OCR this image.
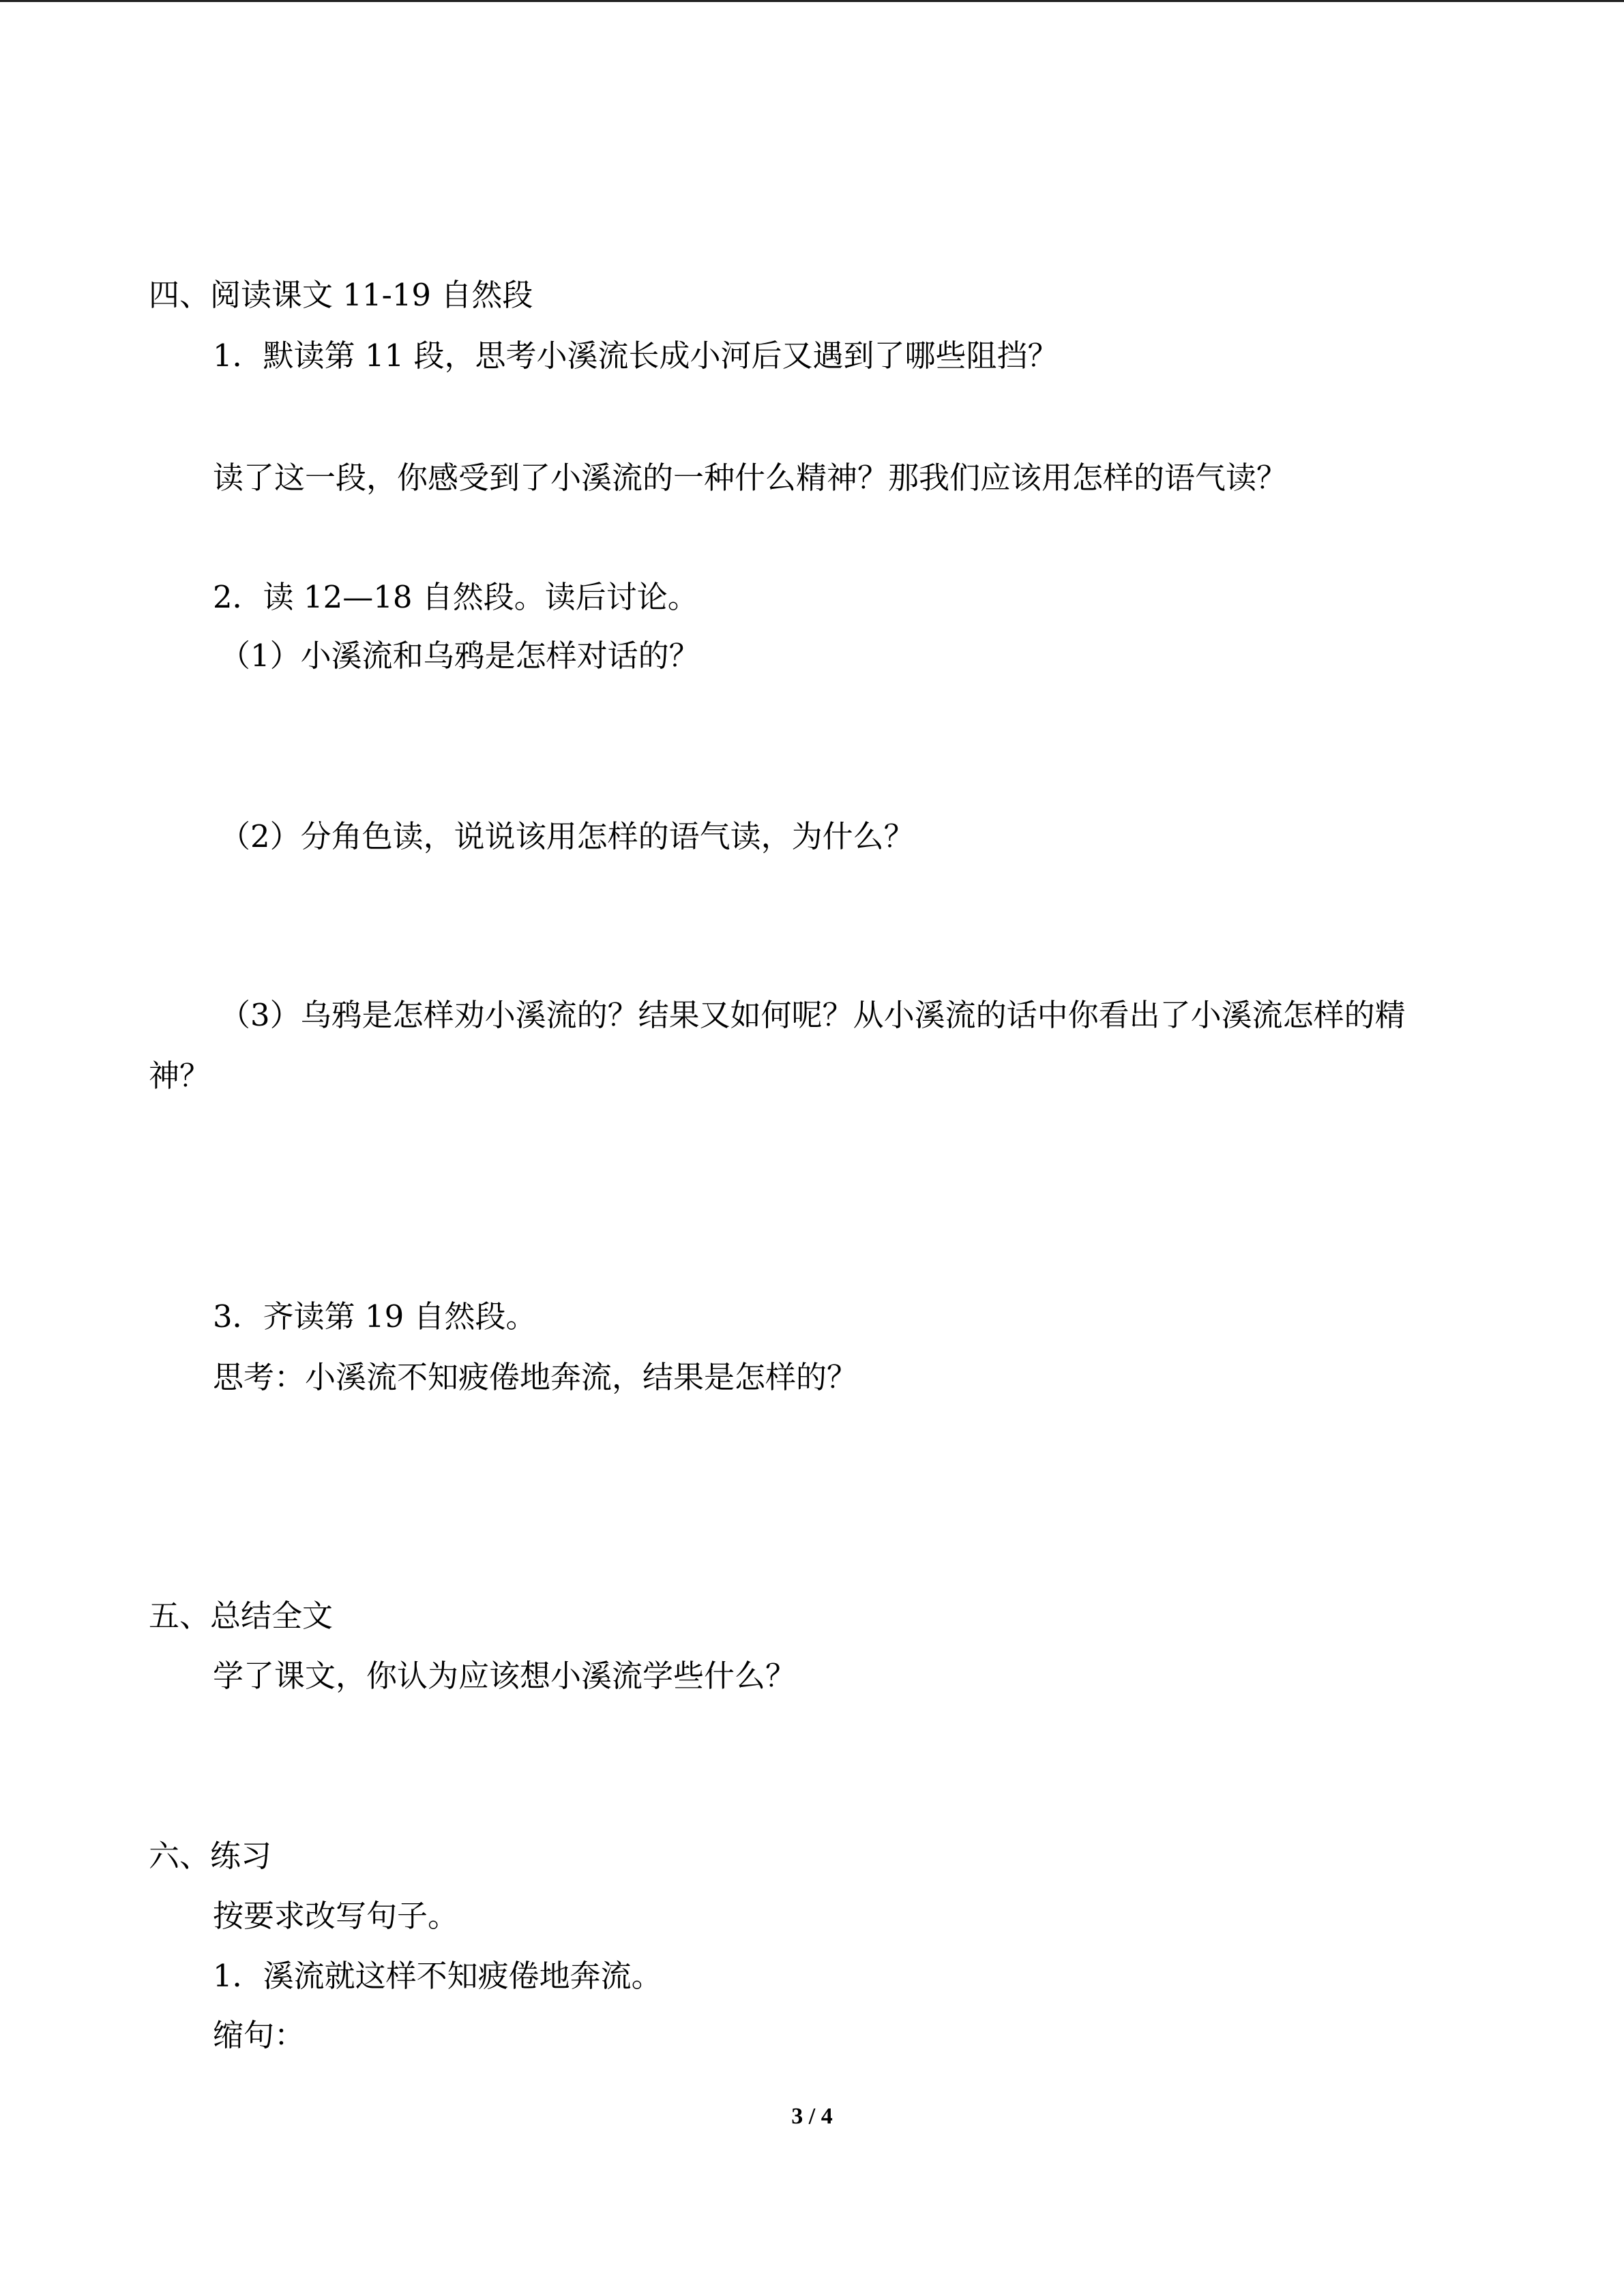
四、阅读课文 11-19 自然段
1．默读第 11 段，思考小溪流长成小河后又遇到了哪些阻挡？
读了这一段，你感受到了小溪流的一种什么精神？那我们应该用怎样的语气读？
2．读 12—18 自然段。读后讨论。
（1）小溪流和乌鸦是怎样对话的？
（2）分角色读，说说该用怎样的语气读，为什么？
（3）乌鸦是怎样劝小溪流的？结果又如何呢？从小溪流的话中你看出了小溪流怎样的精
神？
3．齐读第 19 自然段。
思考：小溪流不知疲倦地奔流，结果是怎样的？
五、总结全文
学了课文，你认为应该想小溪流学些什么？
六、练习
按要求改写句子。
1．溪流就这样不知疲倦地奔流。
缩句：
3 / 4
